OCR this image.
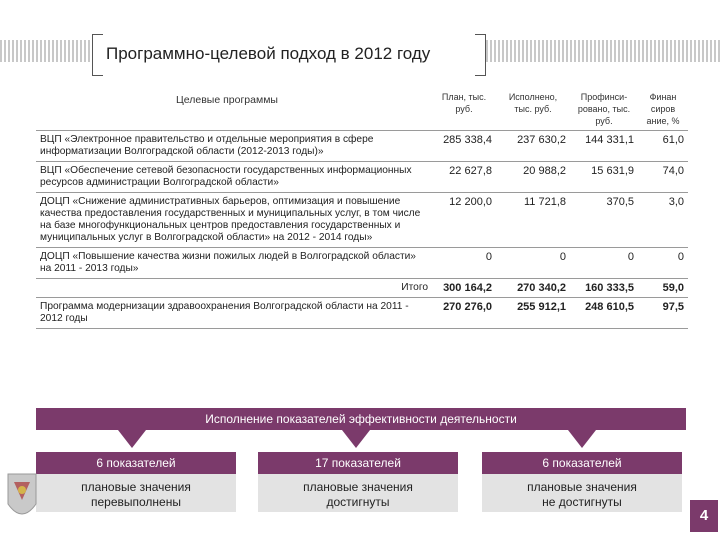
Программно-целевой подход в 2012 году
Целевые программы	План, тыс. руб.	Исполнено, тыс. руб.	Профинси-ровано, тыс. руб.	Финан сиров ание, %
ВЦП «Электронное правительство и отдельные мероприятия в сфере информатизации Волгоградской области (2012-2013 годы)»	285 338,4	237 630,2	144 331,1	61,0
ВЦП «Обеспечение сетевой безопасности государственных информационных ресурсов администрации Волгоградской области»	22 627,8	20 988,2	15 631,9	74,0
ДОЦП «Снижение административных барьеров, оптимизация и повышение качества предоставления государственных и муниципальных услуг, в том числе на базе многофункциональных центров предоставления государственных и муниципальных услуг в Волгоградской области» на 2012 - 2014 годы»	12 200,0	11 721,8	370,5	3,0
ДОЦП «Повышение качества жизни пожилых людей в Волгоградской области» на 2011 - 2013 годы»	0	0	0	0
Итого	300 164,2	270 340,2	160 333,5	59,0
Программа модернизации здравоохранения Волгоградской области на 2011 - 2012 годы	270 276,0	255 912,1	248 610,5	97,5
Исполнение показателей эффективности деятельности
6 показателей
плановые значения
перевыполнены
17 показателей
плановые значения
достигнуты
6 показателей
плановые значения
не достигнуты
4
